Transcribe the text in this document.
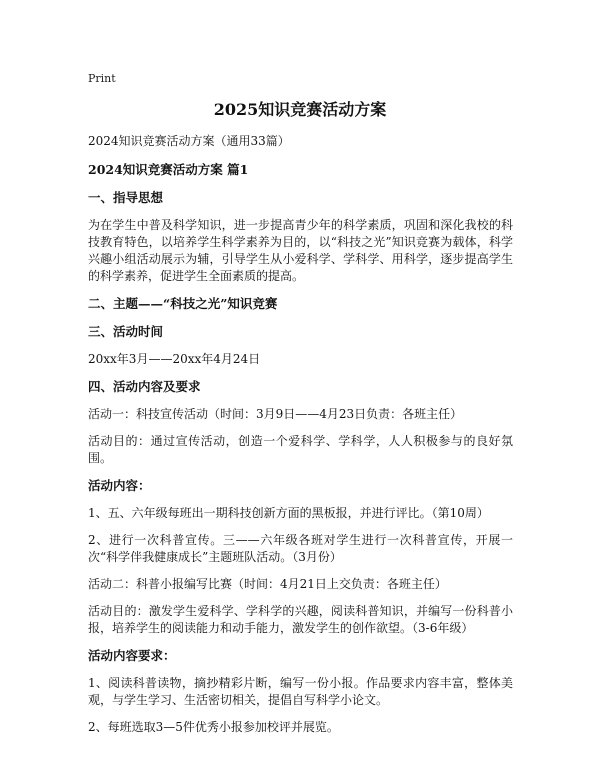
Print
2025知识竞赛活动方案

2024知识竞赛活动方案（通用33篇）

2024知识竞赛活动方案 篇1

一、指导思想

为在学生中普及科学知识，进一步提高青少年的科学素质，巩固和深化我校的科技教育特色，以培养学生科学素养为目的，以“科技之光”知识竞赛为载体，科学兴趣小组活动展示为辅，引导学生从小爱科学、学科学、用科学，逐步提高学生的科学素养，促进学生全面素质的提高。

二、主题——“科技之光”知识竞赛

三、活动时间

20xx年3月——20xx年4月24日

四、活动内容及要求

活动一：科技宣传活动（时间：3月9日——4月23日负责：各班主任）

活动目的：通过宣传活动，创造一个爱科学、学科学，人人积极参与的良好氛围。

活动内容：

1、五、六年级每班出一期科技创新方面的黑板报，并进行评比。（第10周）

2、进行一次科普宣传。三——六年级各班对学生进行一次科普宣传，开展一次“科学伴我健康成长”主题班队活动。（3月份）

活动二：科普小报编写比赛（时间：4月21日上交负责：各班主任）

活动目的：激发学生爱科学、学科学的兴趣，阅读科普知识，并编写一份科普小报，培养学生的阅读能力和动手能力，激发学生的创作欲望。（3-6年级）

活动内容要求：

1、阅读科普读物，摘抄精彩片断，编写一份小报。作品要求内容丰富，整体美观，与学生学习、生活密切相关，提倡自写科学小论文。

2、每班选取3—5件优秀小报参加校评并展览。
